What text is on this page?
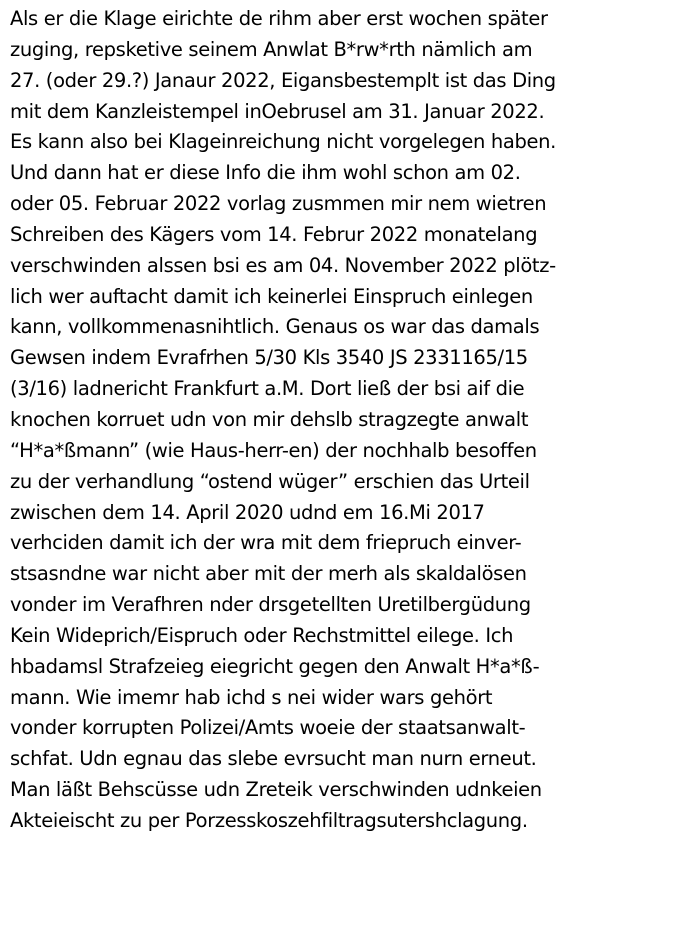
Als er die Klage eirichte de rihm aber erst wochen später
zuging, repsketive seinem Anwlat B*rw*rth nämlich am
27. (oder 29.?) Janaur 2022, Eigansbestemplt ist das Ding
mit dem Kanzleistempel inOebrusel am 31. Januar 2022.
Es kann also bei Klageinreichung nicht vorgelegen haben.
Und dann hat er diese Info die ihm wohl schon am 02.
oder 05. Februar 2022 vorlag zusmmen mir nem wietren
Schreiben des Kägers vom 14. Februr 2022 monatelang
verschwinden alssen bsi es am 04. November 2022 plötz-
lich wer auftacht damit ich keinerlei Einspruch einlegen
kann, vollkommenasnihtlich. Genaus os war das damals
Gewsen indem Evrafrhen 5/30 Kls 3540 JS 2331165/15
(3/16) ladnericht Frankfurt a.M. Dort ließ der bsi aif die
knochen korruet udn von mir dehslb stragzegte anwalt
“H*a*ßmann” (wie Haus-herr-en) der nochhalb besoffen
zu der verhandlung “ostend wüger” erschien das Urteil
zwischen dem 14. April 2020 udnd em 16.Mi 2017
verhciden damit ich der wra mit dem friepruch einver-
stsasndne war nicht aber mit der merh als skaldalösen
vonder im Verafhren nder drsgetellten Uretilbergüdung
Kein Wideprich/Eispruch oder Rechstmittel eilege. Ich
hbadamsl Strafzeieg eiegricht gegen den Anwalt H*a*ß-
mann. Wie imemr hab ichd s nei wider wars gehört
vonder korrupten Polizei/Amts woeie der staatsanwalt-
schfat. Udn egnau das slebe evrsucht man nurn erneut.
Man läßt Behscüsse udn Zreteik verschwinden udnkeien
Akteieischt zu per Porzesskoszehfiltragsutershclagung.
